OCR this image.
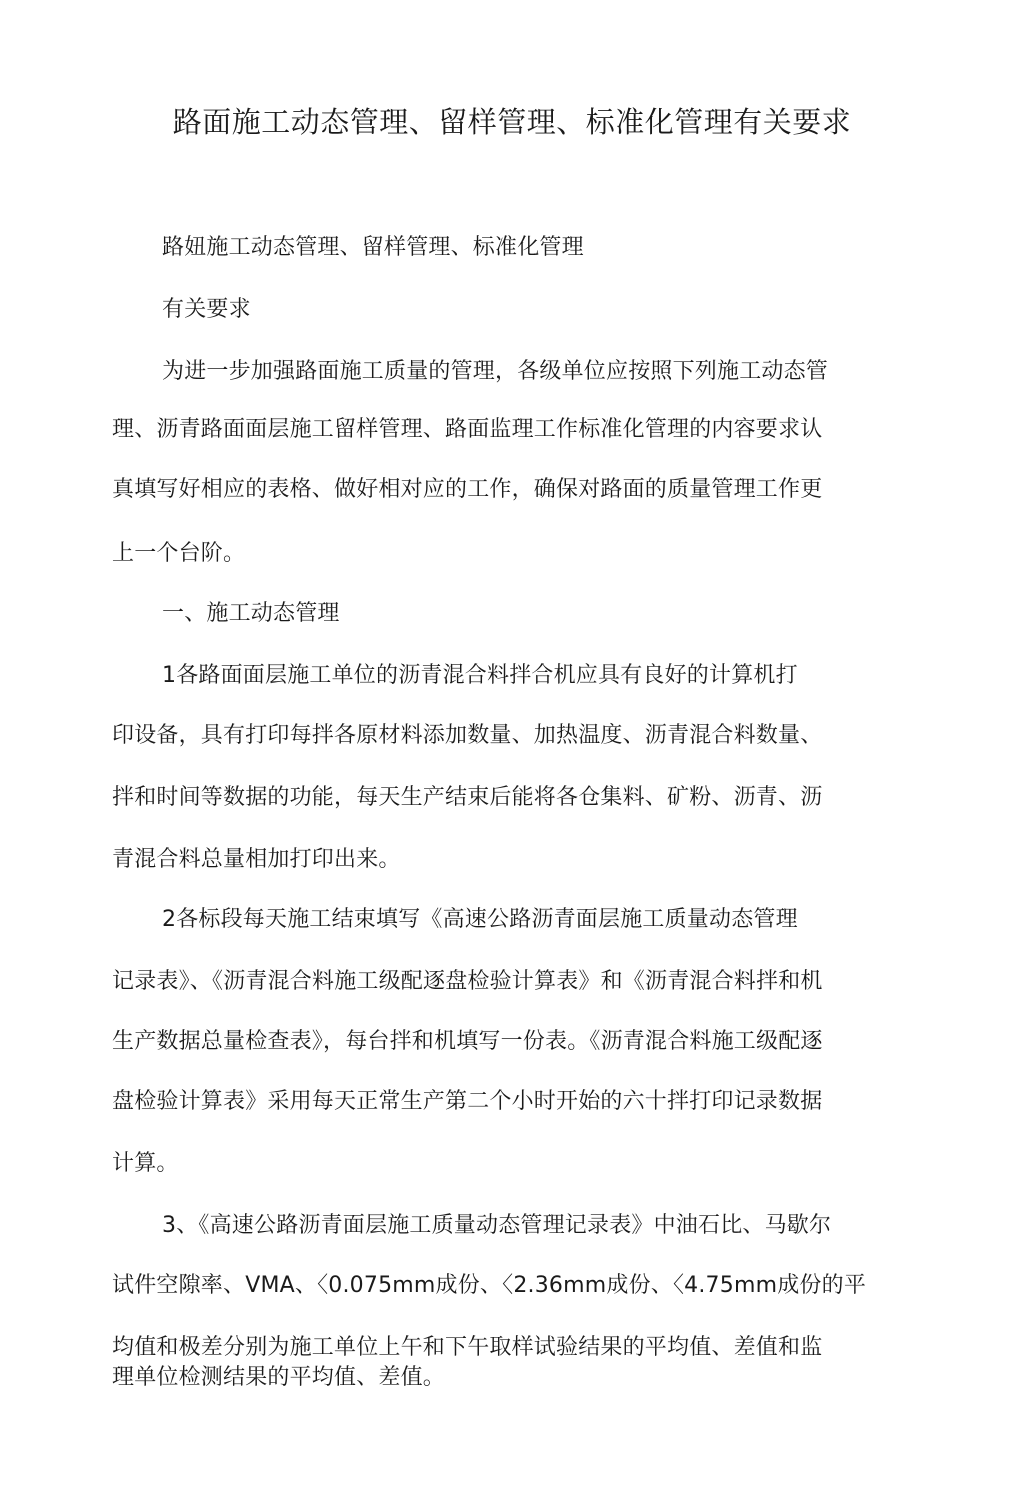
路面施工动态管理、留样管理、标准化管理有关要求
路妞施工动态管理、留样管理、标准化管理
有关要求
为进一步加强路面施工质量的管理，各级单位应按照下列施工动态管
理、沥青路面面层施工留样管理、路面监理工作标准化管理的内容要求认
真填写好相应的表格、做好相对应的工作，确保对路面的质量管理工作更
上一个台阶。
一、施工动态管理
1各路面面层施工单位的沥青混合料拌合机应具有良好的计算机打
印设备，具有打印每拌各原材料添加数量、加热温度、沥青混合料数量、
拌和时间等数据的功能，每天生产结束后能将各仓集料、矿粉、沥青、沥
青混合料总量相加打印出来。
2各标段每天施工结束填写《高速公路沥青面层施工质量动态管理
记录表》、《沥青混合料施工级配逐盘检验计算表》和《沥青混合料拌和机
生产数据总量检查表》，每台拌和机填写一份表。《沥青混合料施工级配逐
盘检验计算表》采用每天正常生产第二个小时开始的六十拌打印记录数据
计算。
3、《高速公路沥青面层施工质量动态管理记录表》中油石比、马歇尔
试件空隙率、VMA、〈0.075mm成份、〈2.36mm成份、〈4.75mm成份的平
均值和极差分别为施工单位上午和下午取样试验结果的平均值、差值和监
理单位检测结果的平均值、差值。
